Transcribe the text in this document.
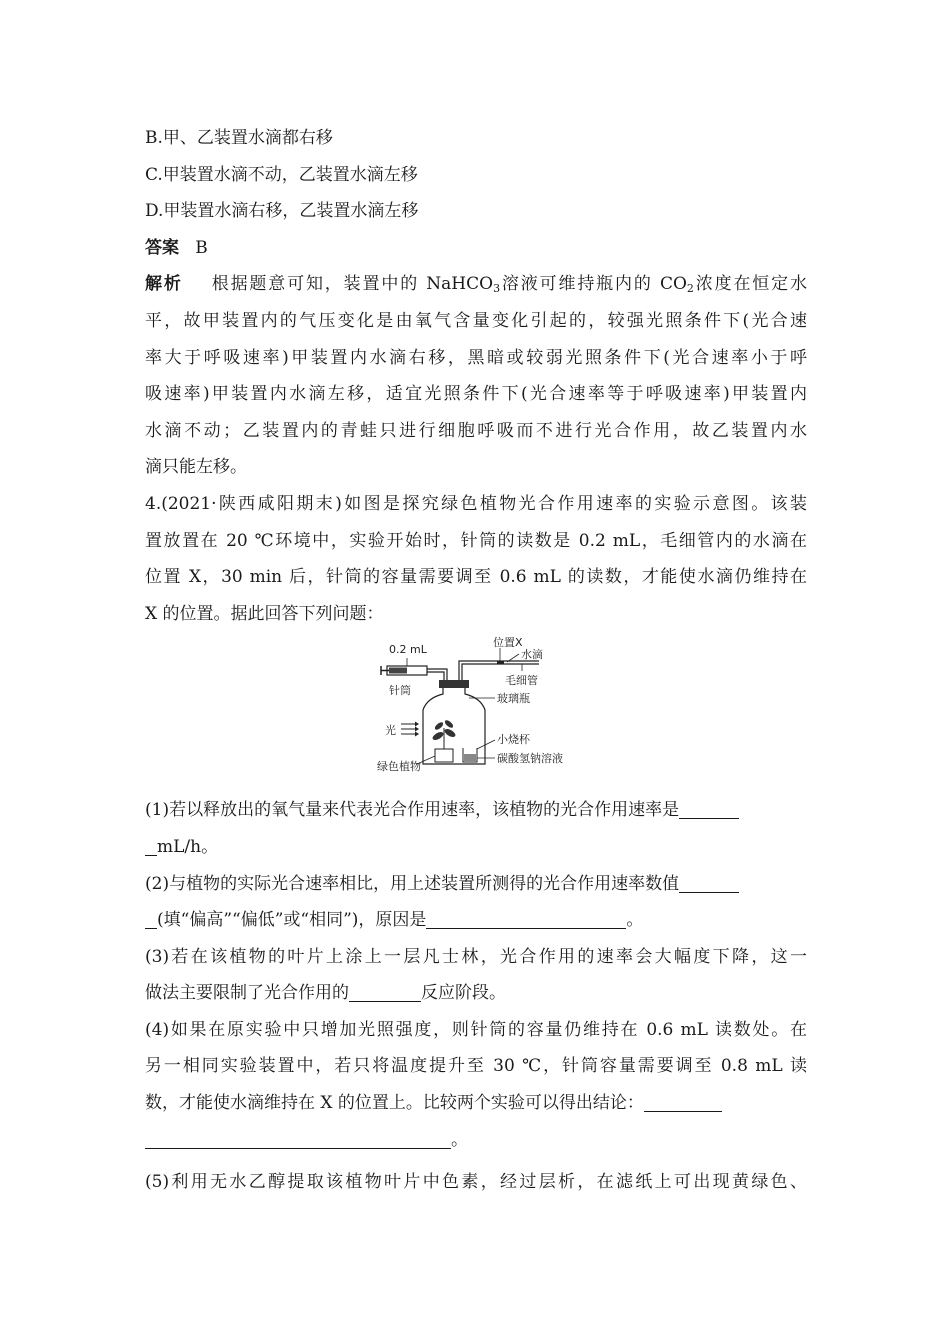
B.甲、乙装置水滴都右移
C.甲装置水滴不动，乙装置水滴左移
D.甲装置水滴右移，乙装置水滴左移
答案 B
解析 根据题意可知，装置中的 NaHCO$_3$溶液可维持瓶内的 $CO_2$浓度在恒定水
平，故甲装置内的气压变化是由氧气含量变化引起的，较强光照条件下(光合速
率大于呼吸速率)甲装置内水滴右移，黑暗或较弱光照条件下(光合速率小于呼
吸速率)甲装置内水滴左移，适宜光照条件下(光合速率等于呼吸速率)甲装置内
水滴不动；乙装置内的青蛙只进行细胞呼吸而不进行光合作用，故乙装置内水
滴只能左移。
4.(2021·陕西咸阳期末)如图是探究绿色植物光合作用速率的实验示意图。该装
置放置在 20 ℃环境中，实验开始时，针筒的读数是 0.2 mL，毛细管内的水滴在
位置 X，30 min 后，针筒的容量需要调至 0.6 mL 的读数，才能使水滴仍维持在
X 的位置。据此回答下列问题：
0.2 mL
位置X
水滴
针筒
毛细管
玻璃瓶
光
小烧杯
绿色植物
碳酸氢钠溶液
(1)若以释放出的氧气量来代表光合作用速率，该植物的光合作用速率是
mL/h。
(2)与植物的实际光合速率相比，用上述装置所测得的光合作用速率数值
(填“偏高”“偏低”或“相同”)，原因是	。
(3)若在该植物的叶片上涂上一层凡士林，光合作用的速率会大幅度下降，这一
做法主要限制了光合作用的	反应阶段。
(4)如果在原实验中只增加光照强度，则针筒的容量仍维持在 0.6 mL 读数处。在
另一相同实验装置中，若只将温度提升至 30 ℃，针筒容量需要调至 0.8 mL 读
数，才能使水滴维持在 X 的位置上。比较两个实验可以得出结论：
。
(5)利用无水乙醇提取该植物叶片中色素，经过层析，在滤纸上可出现黄绿色、
